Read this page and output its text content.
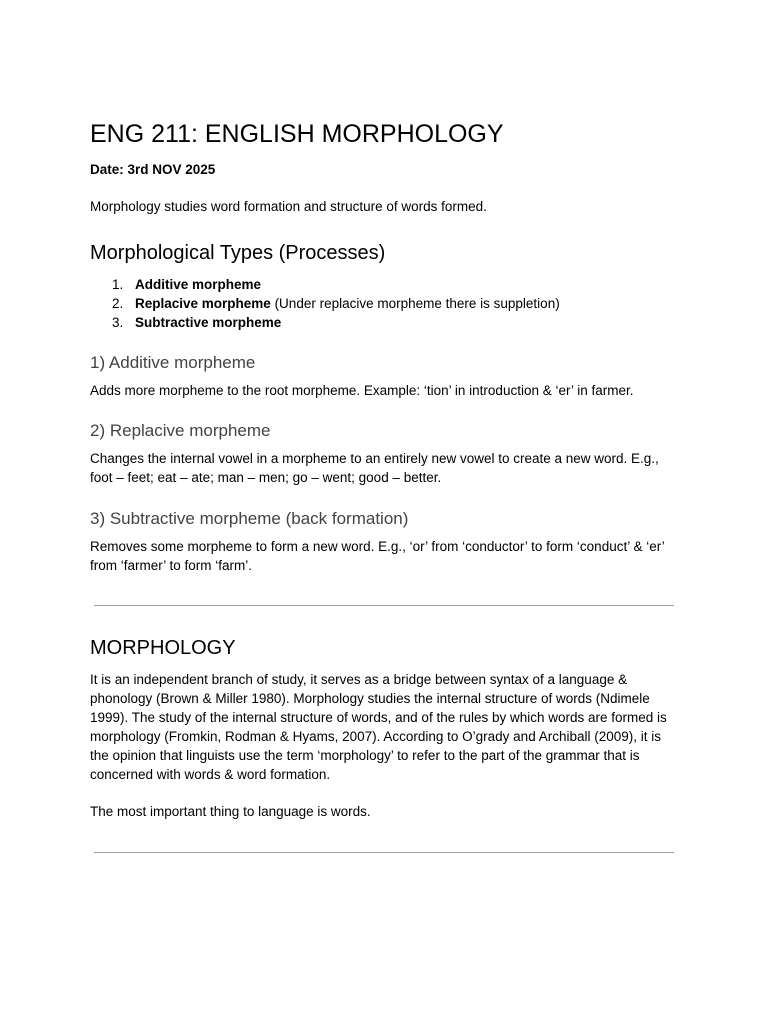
ENG 211: ENGLISH MORPHOLOGY
Date: 3rd NOV 2025
Morphology studies word formation and structure of words formed.
Morphological Types (Processes)
1. Additive morpheme
2. Replacive morpheme (Under replacive morpheme there is suppletion)
3. Subtractive morpheme
1) Additive morpheme
Adds more morpheme to the root morpheme. Example: ‘tion’ in introduction & ‘er’ in farmer.
2) Replacive morpheme
Changes the internal vowel in a morpheme to an entirely new vowel to create a new word. E.g., foot – feet; eat – ate; man – men; go – went; good – better.
3) Subtractive morpheme (back formation)
Removes some morpheme to form a new word. E.g., ‘or’ from ‘conductor’ to form ‘conduct’ & ‘er’ from ‘farmer’ to form ‘farm’.
MORPHOLOGY
It is an independent branch of study, it serves as a bridge between syntax of a language & phonology (Brown & Miller 1980). Morphology studies the internal structure of words (Ndimele 1999). The study of the internal structure of words, and of the rules by which words are formed is morphology (Fromkin, Rodman & Hyams, 2007). According to O’grady and Archiball (2009), it is the opinion that linguists use the term ‘morphology’ to refer to the part of the grammar that is concerned with words & word formation.
The most important thing to language is words.
